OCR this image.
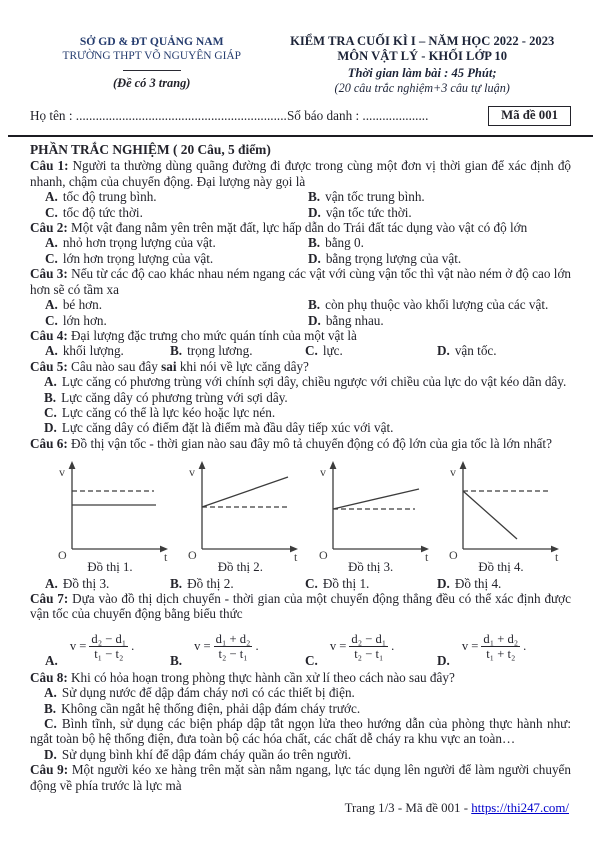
SỞ GD & ĐT QUẢNG NAM
TRƯỜNG THPT VÕ NGUYÊN GIÁP
(Đề có 3 trang)
KIỂM TRA CUỐI KÌ I – NĂM HỌC 2022 - 2023
MÔN VẬT LÝ - KHỐI LỚP 10
Thời gian làm bài : 45 Phút;
(20 câu trắc nghiệm+3 câu tự luận)
Họ tên : ................................................................ Số báo danh : ....................	Mã đề 001
PHẦN TRẮC NGHIỆM ( 20 Câu, 5 điểm)

Câu 1: Người ta thường dùng quãng đường đi được trong cùng một đơn vị thời gian để xác định độ nhanh, chậm của chuyển động. Đại lượng này gọi là

A. tốc độ trung bình.	B. vận tốc trung bình.
C. tốc độ tức thời.	D. vận tốc tức thời.

Câu 2: Một vật đang nằm yên trên mặt đất, lực hấp dẫn do Trái đất tác dụng vào vật có độ lớn

A. nhỏ hơn trọng lượng của vật.	B. bằng 0.
C. lớn hơn trọng lượng của vật.	D. bằng trọng lượng của vật.

Câu 3: Nếu từ các độ cao khác nhau ném ngang các vật với cùng vận tốc thì vật nào ném ở độ cao lớn hơn sẽ có tầm xa

A. bé hơn.	B. còn phụ thuộc vào khối lượng của các vật.
C. lớn hơn.	D. bằng nhau.

Câu 4: Đại lượng đặc trưng cho mức quán tính của một vật là

A. khối lượng.	B. trọng lương.	C. lực.	D. vận tốc.

Câu 5: Câu nào sau đây sai khi nói về lực căng dây?

A. Lực căng có phương trùng với chính sợi dây, chiều ngược với chiều của lực do vật kéo dãn dây.

B. Lực căng dây có phương trùng với sợi dây.

C. Lực căng có thể là lực kéo hoặc lực nén.

D. Lực căng dây có điểm đặt là điểm mà đầu dây tiếp xúc với vật.

Câu 6: Đồ thị vận tốc - thời gian nào sau đây mô tả chuyển động có độ lớn của gia tốc là lớn nhất?

v
O	t
Đồ thị 1.
v
O	t
Đồ thị 2.
v
O	t
Đồ thị 3.
v
O	t
Đồ thị 4.
A. Đồ thị 3.	B. Đồ thị 2.	C. Đồ thị 1.	D. Đồ thị 4.

Câu 7: Dựa vào đồ thị dịch chuyển - thời gian của một chuyển động thẳng đều có thể xác định được vận tốc của chuyển động bằng biểu thức

A.
$v = \frac{\text{d₂ − d₁}}{\text{t₁ − t₂}}$ .
B.
$v = \frac{\text{d₁ + d₂}}{\text{t₂ − t₁}}$ .
C.
$v = \frac{\text{d₂ − d₁}}{\text{t₂ − t₁}}$ .
D.
$v = \frac{\text{d₁ + d₂}}{\text{t₁ + t₂}}$ .

Câu 8: Khi có hỏa hoạn trong phòng thực hành cần xử lí theo cách nào sau đây?

A. Sử dụng nước để dập đám cháy nơi có các thiết bị điện.

B. Không cần ngắt hệ thống điện, phải dập đám cháy trước.

C. Bình tĩnh, sử dụng các biện pháp dập tắt ngọn lửa theo hướng dẫn của phòng thực hành như: ngắt toàn bộ hệ thống điện, đưa toàn bộ các hóa chất, các chất dễ cháy ra khu vực an toàn…

D. Sử dụng bình khí để dập đám cháy quần áo trên người.

Câu 9: Một người kéo xe hàng trên mặt sàn nằm ngang, lực tác dụng lên người để làm người chuyển động về phía trước là lực mà

Trang 1/3 - Mã đề 001 - https://thi247.com/
